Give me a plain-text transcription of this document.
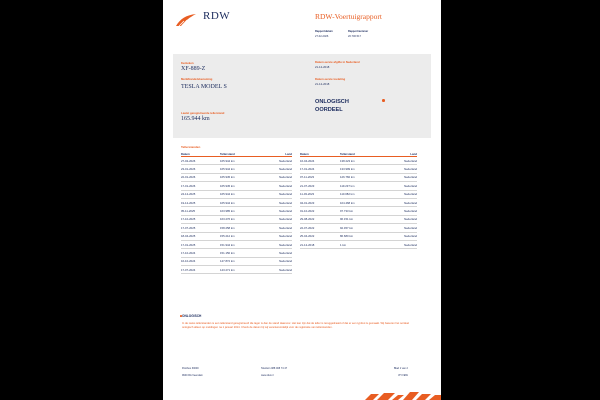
RDW	RDW-Voertuigrapport
Rapportdatum
27-02-2026
Rapportnummer
20.700.517
Kenteken
XF-889-Z
Merk/Handelsbenaming
TESLA MODEL S
Laatst geregistreerde tellerstand
165.944 km
Datum eerste afgifte in Nederland
21-12-2018
Datum eerste toelating
21-12-2018
ONLOGISCH
OORDEEL
Tellerstanden
Datum	Tellerstand	Land
27-02-2026	165.944 km	Nederland
23-01-2026	165.944 km	Nederland
22-01-2026	165.945 km	Nederland
17-01-2026	165.945 km	Nederland
24-12-2025	165.944 km	Nederland
19-12-2025	165.944 km	Nederland
05-11-2025	163.985 km	Nederland
17-10-2025	163.276 km	Nederland
17-07-2025	158.258 km	Nederland
18-04-2025	155.212 km	Nederland
17-01-2025	151.944 km	Nederland
17-10-2024	151.150 km	Nederland
16-10-2024	147.872 km	Nederland
17-07-2024	143.271 km	Nederland
Datum	Tellerstand	Land
16-04-2024	138.223 km	Nederland
17-01-2024	133.999 km	Nederland
07-11-2023	126.782 km	Nederland
21-07-2023	119.237 km	Nederland
11-03-2023	110.082 km	Nederland
04-01-2023	104.468 km	Nederland
01-10-2022	97.733 km	Nederland
29-08-2022	96.151 km	Nederland
22-07-2022	92.457 km	Nederland
25-04-2022	86.680 km	Nederland
21-12-2018	1 km	Nederland
ONLOGISCH
In de reeks tellerstanden is een tellerstand geregistreerd die lager is dan de stand daarvoor. Het kan zijn dat de teller is teruggedraaid of dat er een typfout is gemaakt. Wij baseren het oordeel onlogisch alleen op meldingen na 1 januari 2014. Check de datum bij wij verantwoordelijk voor de registratie van tellerstanden.
Postbus 30000
9640 RA Veendam
Telefoon 088 008 74 47
www.rdw.nl
Blad 1 van 2
VH VEW
